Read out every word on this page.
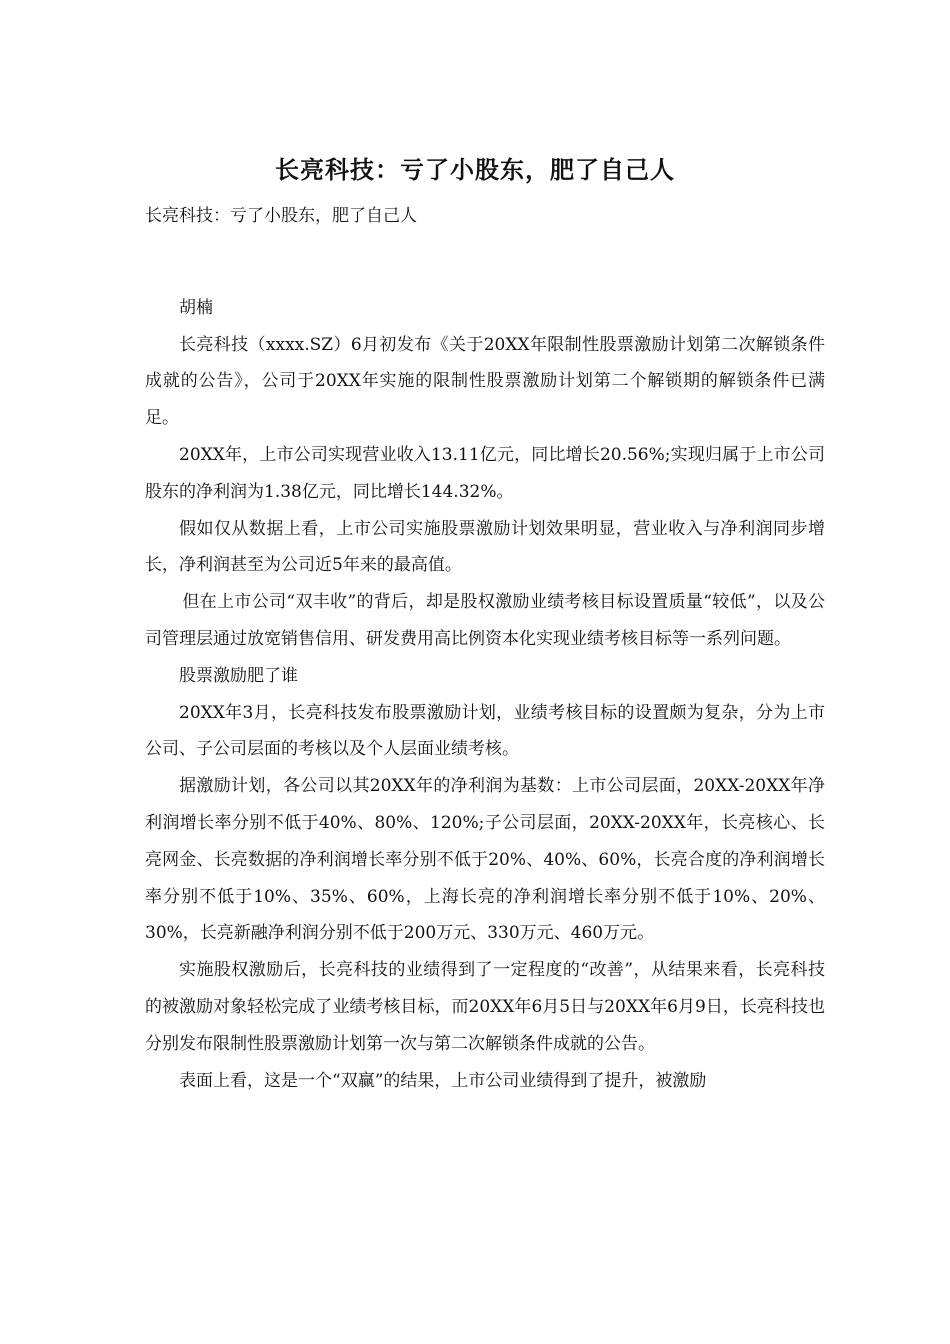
长亮科技：亏了小股东，肥了自己人

长亮科技：亏了小股东，肥了自己人

胡楠

长亮科技（xxxx.SZ）6月初发布《关于20XX年限制性股票激励计划第二次解锁条件成就的公告》，公司于20XX年实施的限制性股票激励计划第二个解锁期的解锁条件已满足。

20XX年，上市公司实现营业收入13.11亿元，同比增长20.56%;实现归属于上市公司股东的净利润为1.38亿元，同比增长144.32%。

假如仅从数据上看，上市公司实施股票激励计划效果明显，营业收入与净利润同步增长，净利润甚至为公司近5年来的最高值。

但在上市公司“双丰收”的背后，却是股权激励业绩考核目标设置质量“较低”，以及公司管理层通过放宽销售信用、研发费用高比例资本化实现业绩考核目标等一系列问题。

股票激励肥了谁

20XX年3月，长亮科技发布股票激励计划，业绩考核目标的设置颇为复杂，分为上市公司、子公司层面的考核以及个人层面业绩考核。

据激励计划，各公司以其20XX年的净利润为基数：上市公司层面，20XX-20XX年净利润增长率分别不低于40%、80%、120%;子公司层面，20XX-20XX年，长亮核心、长亮网金、长亮数据的净利润增长率分别不低于20%、40%、60%，长亮合度的净利润增长率分别不低于10%、35%、60%，上海长亮的净利润增长率分别不低于10%、20%、30%，长亮新融净利润分别不低于200万元、330万元、460万元。

实施股权激励后，长亮科技的业绩得到了一定程度的“改善”，从结果来看，长亮科技的被激励对象轻松完成了业绩考核目标，而20XX年6月5日与20XX年6月9日，长亮科技也分别发布限制性股票激励计划第一次与第二次解锁条件成就的公告。

表面上看，这是一个“双赢”的结果，上市公司业绩得到了提升，被激励
